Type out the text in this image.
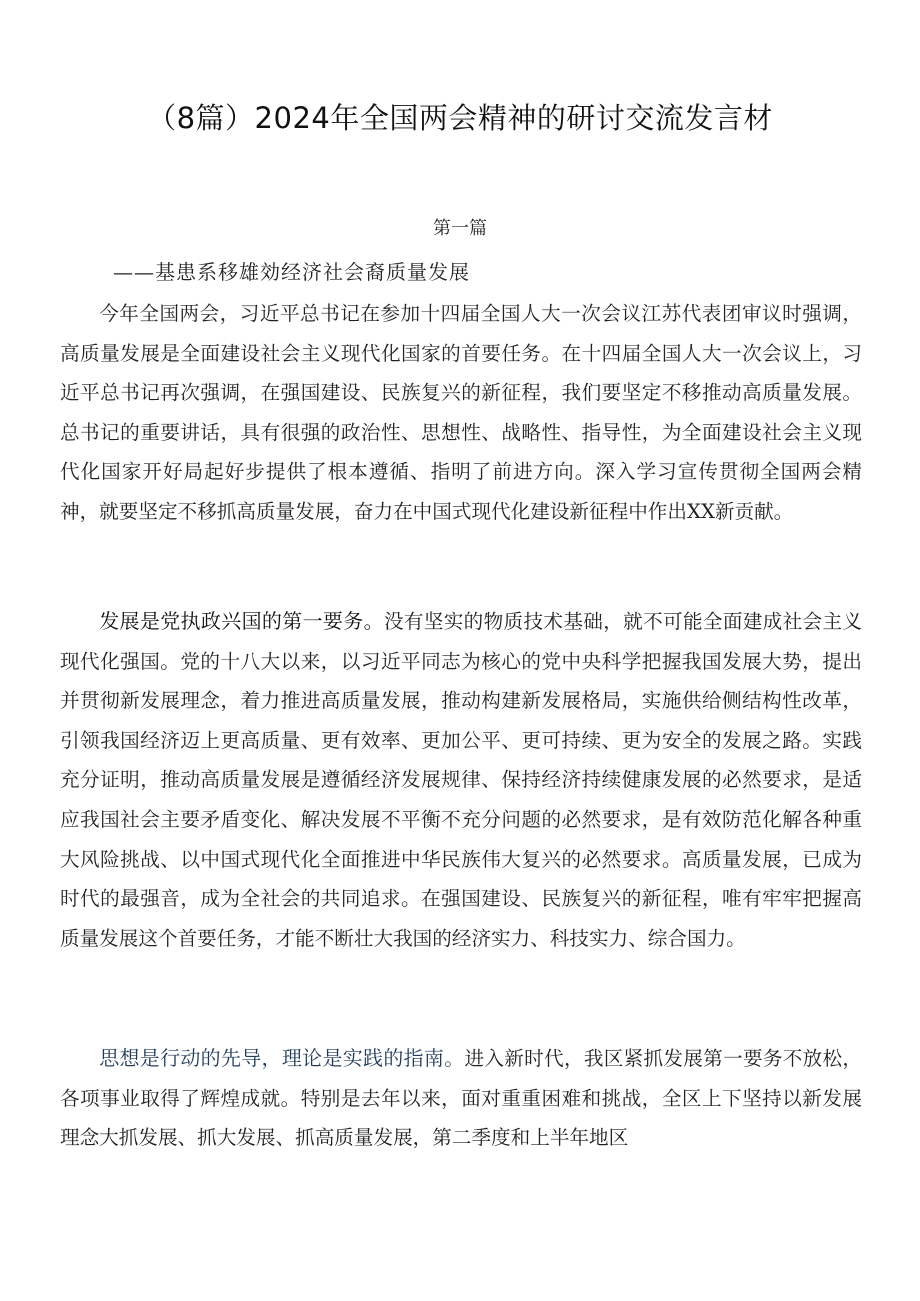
（8篇）2024年全国两会精神的研讨交流发言材
第一篇
——基患系移雄効经济社会裔质量发展

今年全国两会，习近平总书记在参加十四届全国人大一次会议江苏代表团审议时强调，高质量发展是全面建设社会主义现代化国家的首要任务。在十四届全国人大一次会议上，习近平总书记再次强调，在强国建设、民族复兴的新征程，我们要坚定不移推动高质量发展。总书记的重要讲话，具有很强的政治性、思想性、战略性、指导性，为全面建设社会主义现代化国家开好局起好步提供了根本遵循、指明了前进方向。深入学习宣传贯彻全国两会精神，就要坚定不移抓高质量发展，奋力在中国式现代化建设新征程中作出XX新贡献。

发展是党执政兴国的第一要务。没有坚实的物质技术基础，就不可能全面建成社会主义现代化强国。党的十八大以来，以习近平同志为核心的党中央科学把握我国发展大势，提出并贯彻新发展理念，着力推进高质量发展，推动构建新发展格局，实施供给侧结构性改革，引领我国经济迈上更高质量、更有效率、更加公平、更可持续、更为安全的发展之路。实践充分证明，推动高质量发展是遵循经济发展规律、保持经济持续健康发展的必然要求，是适应我国社会主要矛盾变化、解决发展不平衡不充分问题的必然要求，是有效防范化解各种重大风险挑战、以中国式现代化全面推进中华民族伟大复兴的必然要求。高质量发展，已成为时代的最强音，成为全社会的共同追求。在强国建设、民族复兴的新征程，唯有牢牢把握高质量发展这个首要任务，才能不断壮大我国的经济实力、科技实力、综合国力。

思想是行动的先导，理论是实践的指南。进入新时代，我区紧抓发展第一要务不放松，各项事业取得了辉煌成就。特别是去年以来，面对重重困难和挑战，全区上下坚持以新发展理念大抓发展、抓大发展、抓高质量发展，第二季度和上半年地区
